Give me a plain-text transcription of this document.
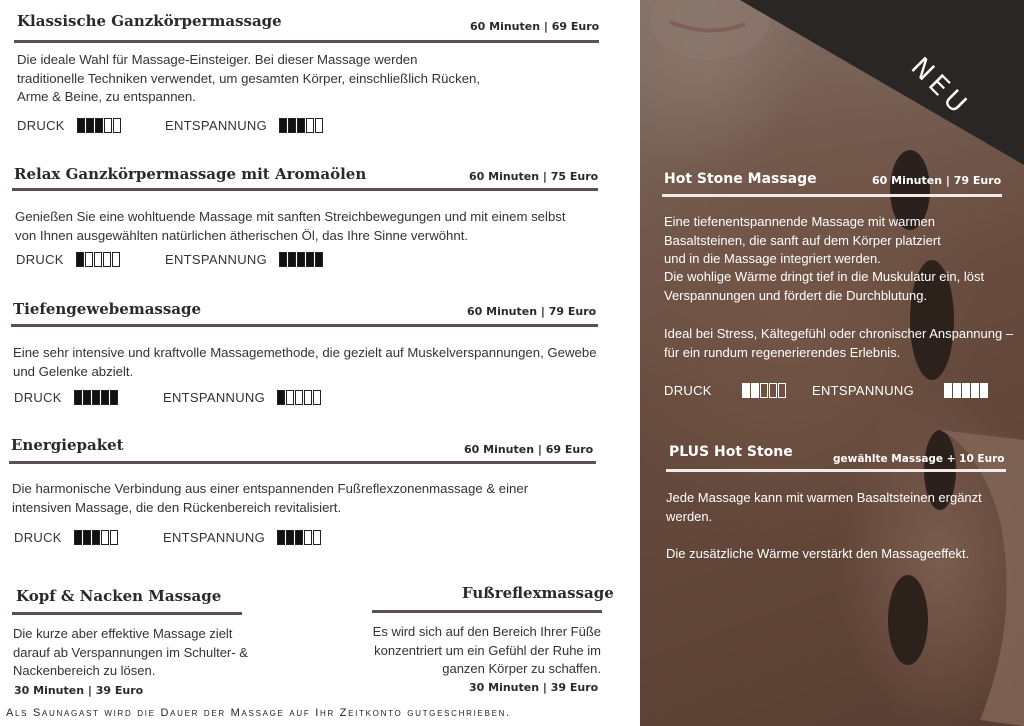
Klassische Ganzkörpermassage	60 Minuten | 69 Euro
Die ideale Wahl für Massage-Einsteiger. Bei dieser Massage werden traditionelle Techniken verwendet, um gesamten Körper, einschließlich Rücken, Arme & Beine, zu entspannen.
DRUCK	ENTSPANNUNG
Relax Ganzkörpermassage mit Aromaölen	60 Minuten | 75 Euro
Genießen Sie eine wohltuende Massage mit sanften Streichbewegungen und mit einem selbst von Ihnen ausgewählten natürlichen ätherischen Öl, das Ihre Sinne verwöhnt.
DRUCK	ENTSPANNUNG
Tiefengewebemassage	60 Minuten | 79 Euro
Eine sehr intensive und kraftvolle Massagemethode, die gezielt auf Muskelverspannungen, Gewebe und Gelenke abzielt.
DRUCK	ENTSPANNUNG
Energiepaket	60 Minuten | 69 Euro
Die harmonische Verbindung aus einer entspannenden Fußreflexzonenmassage & einer intensiven Massage, die den Rückenbereich revitalisiert.
DRUCK	ENTSPANNUNG
Kopf & Nacken Massage
Die kurze aber effektive Massage zielt darauf ab Verspannungen im Schulter- & Nackenbereich zu lösen.
30 Minuten | 39 Euro
Fußreflexmassage
Es wird sich auf den Bereich Ihrer Füße konzentriert um ein Gefühl der Ruhe im ganzen Körper zu schaffen.
30 Minuten | 39 Euro
Als Saunagast wird die Dauer der Massage auf Ihr Zeitkonto gutgeschrieben.
NEU
Hot Stone Massage	60 Minuten | 79 Euro
Eine tiefenentspannende Massage mit warmen Basaltsteinen, die sanft auf dem Körper platziert und in die Massage integriert werden.
Die wohlige Wärme dringt tief in die Muskulatur ein, löst Verspannungen und fördert die Durchblutung.
Ideal bei Stress, Kältegefühl oder chronischer Anspannung – für ein rundum regenerierendes Erlebnis.
DRUCK	ENTSPANNUNG
PLUS Hot Stone	gewählte Massage + 10 Euro
Jede Massage kann mit warmen Basaltsteinen ergänzt werden.
Die zusätzliche Wärme verstärkt den Massageeffekt.
